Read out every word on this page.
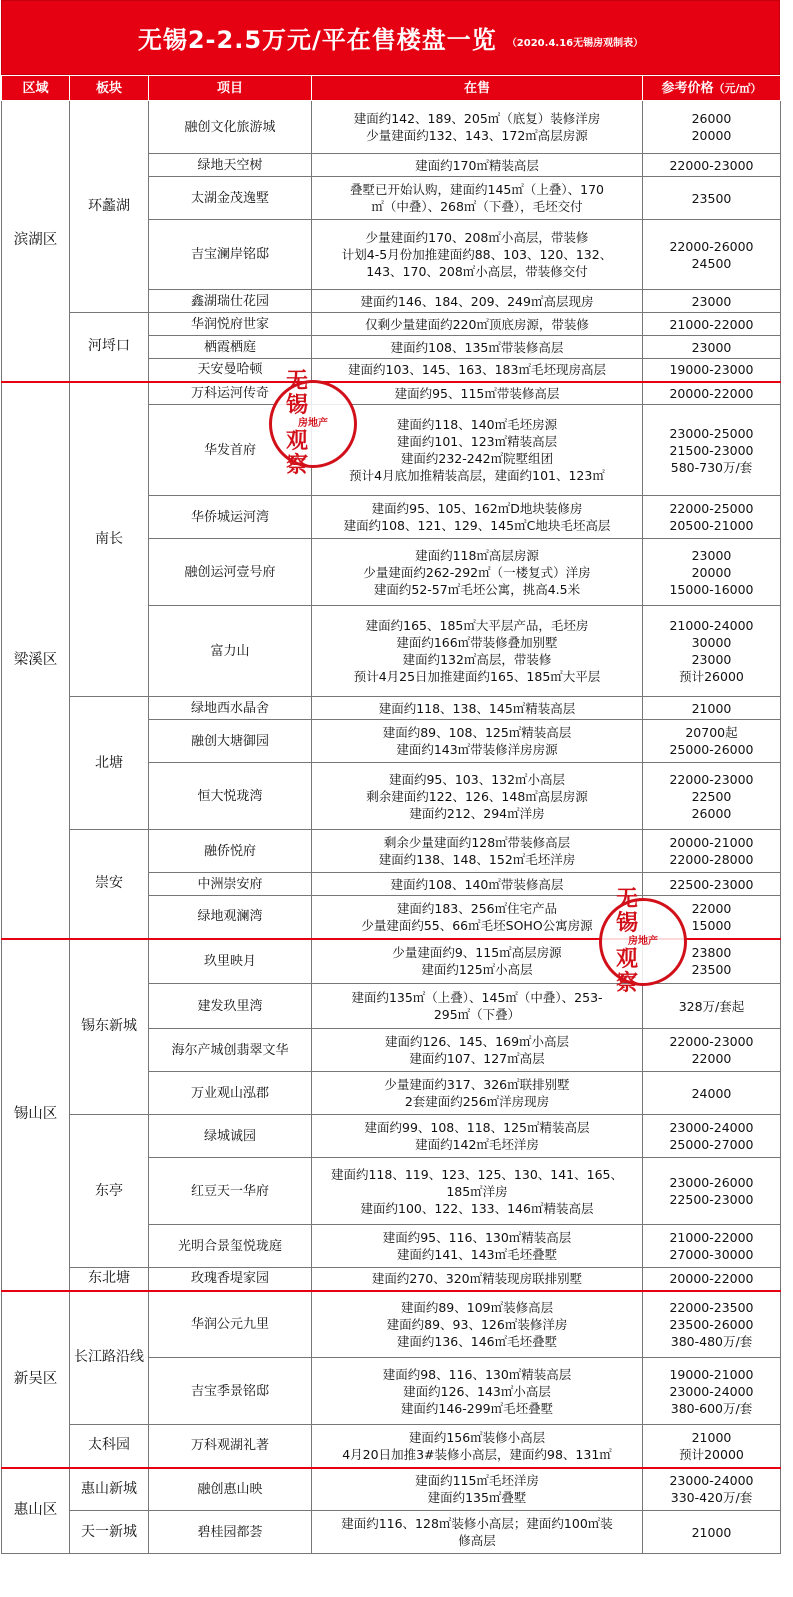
无锡2-2.5万元/平在售楼盘一览 （2020.4.16无锡房观制表）
区域	板块	项目	在售	参考价格（元/㎡）
滨湖区	环蠡湖	融创文化旅游城	建面约142、189、205㎡（底复）装修洋房
少量建面约132、143、172㎡高层房源	26000
20000

		绿地天空树	建面约170㎡精装高层	22000-23000

		太湖金茂逸墅	叠墅已开始认购，建面约145㎡（上叠）、170
㎡（中叠）、268㎡（下叠），毛坯交付	23500

		吉宝澜岸铭邸	少量建面约170、208㎡小高层，带装修
计划4-5月份加推建面约88、103、120、132、
143、170、208㎡小高层，带装修交付	22000-26000
24500

		鑫湖瑞仕花园	建面约146、184、209、249㎡高层现房	23000

	河埒口	华润悦府世家	仅剩少量建面约220㎡顶底房源，带装修	21000-22000

		栖霞栖庭	建面约108、135㎡带装修高层	23000

		天安曼哈顿	建面约103、145、163、183㎡毛坯现房高层	19000-23000

梁溪区	南长	万科运河传奇	建面约95、115㎡带装修高层	20000-22000

		华发首府	建面约118、140㎡毛坯房源
建面约101、123㎡精装高层
建面约232-242㎡院墅组团
预计4月底加推精装高层，建面约101、123㎡	23000-25000
21500-23000
580-730万/套

		华侨城运河湾	建面约95、105、162㎡D地块装修房
建面约108、121、129、145㎡C地块毛坯高层	22000-25000
20500-21000

		融创运河壹号府	建面约118㎡高层房源
少量建面约262-292㎡（一楼复式）洋房
建面约52-57㎡毛坯公寓，挑高4.5米	23000
20000
15000-16000

		富力山	建面约165、185㎡大平层产品，毛坯房
建面约166㎡带装修叠加别墅
建面约132㎡高层，带装修
预计4月25日加推建面约165、185㎡大平层	21000-24000
30000
23000
预计26000

	北塘	绿地西水晶舍	建面约118、138、145㎡精装高层	21000

		融创大塘御园	建面约89、108、125㎡精装高层
建面约143㎡带装修洋房房源	20700起
25000-26000

		恒大悦珑湾	建面约95、103、132㎡小高层
剩余建面约122、126、148㎡高层房源
建面约212、294㎡洋房	22000-23000
22500
26000

	崇安	融侨悦府	剩余少量建面约128㎡带装修高层
建面约138、148、152㎡毛坯洋房	20000-21000
22000-28000

		中洲崇安府	建面约108、140㎡带装修高层	22500-23000

		绿地观澜湾	建面约183、256㎡住宅产品
少量建面约55、66㎡毛坯SOHO公寓房源	22000
15000

锡山区	锡东新城	玖里映月	少量建面约9、115㎡高层房源
建面约125㎡小高层	23800
23500

		建发玖里湾	建面约135㎡（上叠）、145㎡（中叠）、253-
295㎡（下叠）	328万/套起

		海尔产城创翡翠文华	建面约126、145、169㎡小高层
建面约107、127㎡高层	22000-23000
22000

		万业观山泓郡	少量建面约317、326㎡联排别墅
2套建面约256㎡洋房现房	24000

	东亭	绿城诚园	建面约99、108、118、125㎡精装高层
建面约142㎡毛坯洋房	23000-24000
25000-27000

		红豆天一华府	建面约118、119、123、125、130、141、165、
185㎡洋房
建面约100、122、133、146㎡精装高层	23000-26000
22500-23000

		光明合景玺悦珑庭	建面约95、116、130㎡精装高层
建面约141、143㎡毛坯叠墅	21000-22000
27000-30000

	东北塘	玫瑰香堤家园	建面约270、320㎡精装现房联排别墅	20000-22000

新吴区	长江路沿线	华润公元九里	建面约89、109㎡装修高层
建面约89、93、126㎡装修洋房
建面约136、146㎡毛坯叠墅	22000-23500
23500-26000
380-480万/套

		吉宝季景铭邸	建面约98、116、130㎡精装高层
建面约126、143㎡小高层
建面约146-299㎡毛坯叠墅	19000-21000
23000-24000
380-600万/套

	太科园	万科观湖礼著	建面约156㎡装修小高层
4月20日加推3#装修小高层，建面约98、131㎡	21000
预计20000

惠山区	惠山新城	融创惠山映	建面约115㎡毛坯洋房
建面约135㎡叠墅	23000-24000
330-420万/套

	天一新城	碧桂园都荟	建面约116、128㎡装修小高层；建面约100㎡装
修高层	21000
无锡
房地产
观察
无锡
房地产
观察
